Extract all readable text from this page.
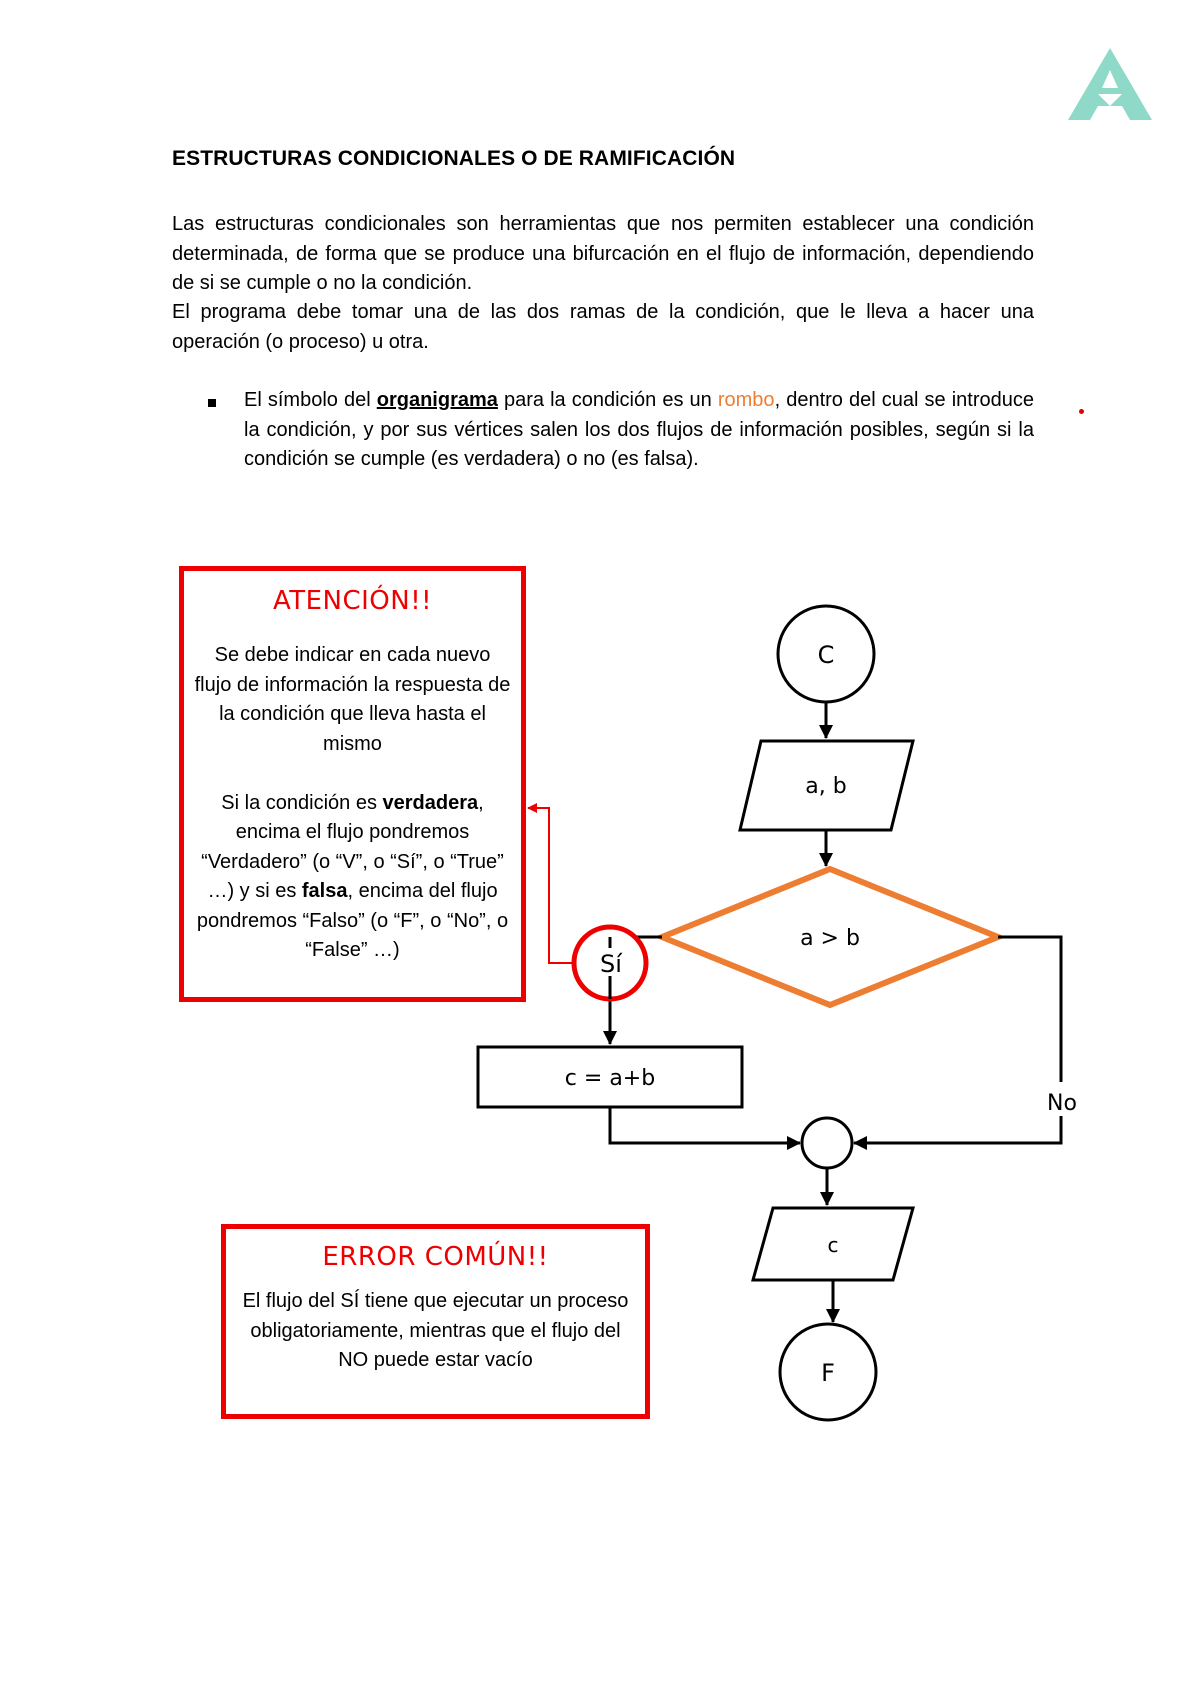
ESTRUCTURAS CONDICIONALES O DE RAMIFICACIÓN

Las estructuras condicionales son herramientas que nos permiten establecer una condición determinada, de forma que se produce una bifurcación en el flujo de información, dependiendo de si se cumple o no la condición.

El programa debe tomar una de las dos ramas de la condición, que le lleva a hacer una operación (o proceso) u otra.

El símbolo del organigrama para la condición es un rombo, dentro del cual se introduce la condición, y por sus vértices salen los dos flujos de información posibles, según si la condición se cumple (es verdadera) o no (es falsa).

C
a, b
a > b
c = a+b
No
c
F
Sí
ATENCIÓN!!

Se debe indicar en cada nuevo flujo de información la respuesta de la condición que lleva hasta el mismo
Si la condición es verdadera, encima el flujo pondremos “Verdadero” (o “V”, o “Sí”, o “True” …) y si es falsa, encima del flujo pondremos “Falso” (o “F”, o “No”, o “False” …)

ERROR COMÚN!!

El flujo del SÍ tiene que ejecutar un proceso obligatoriamente, mientras que el flujo del NO puede estar vacío
